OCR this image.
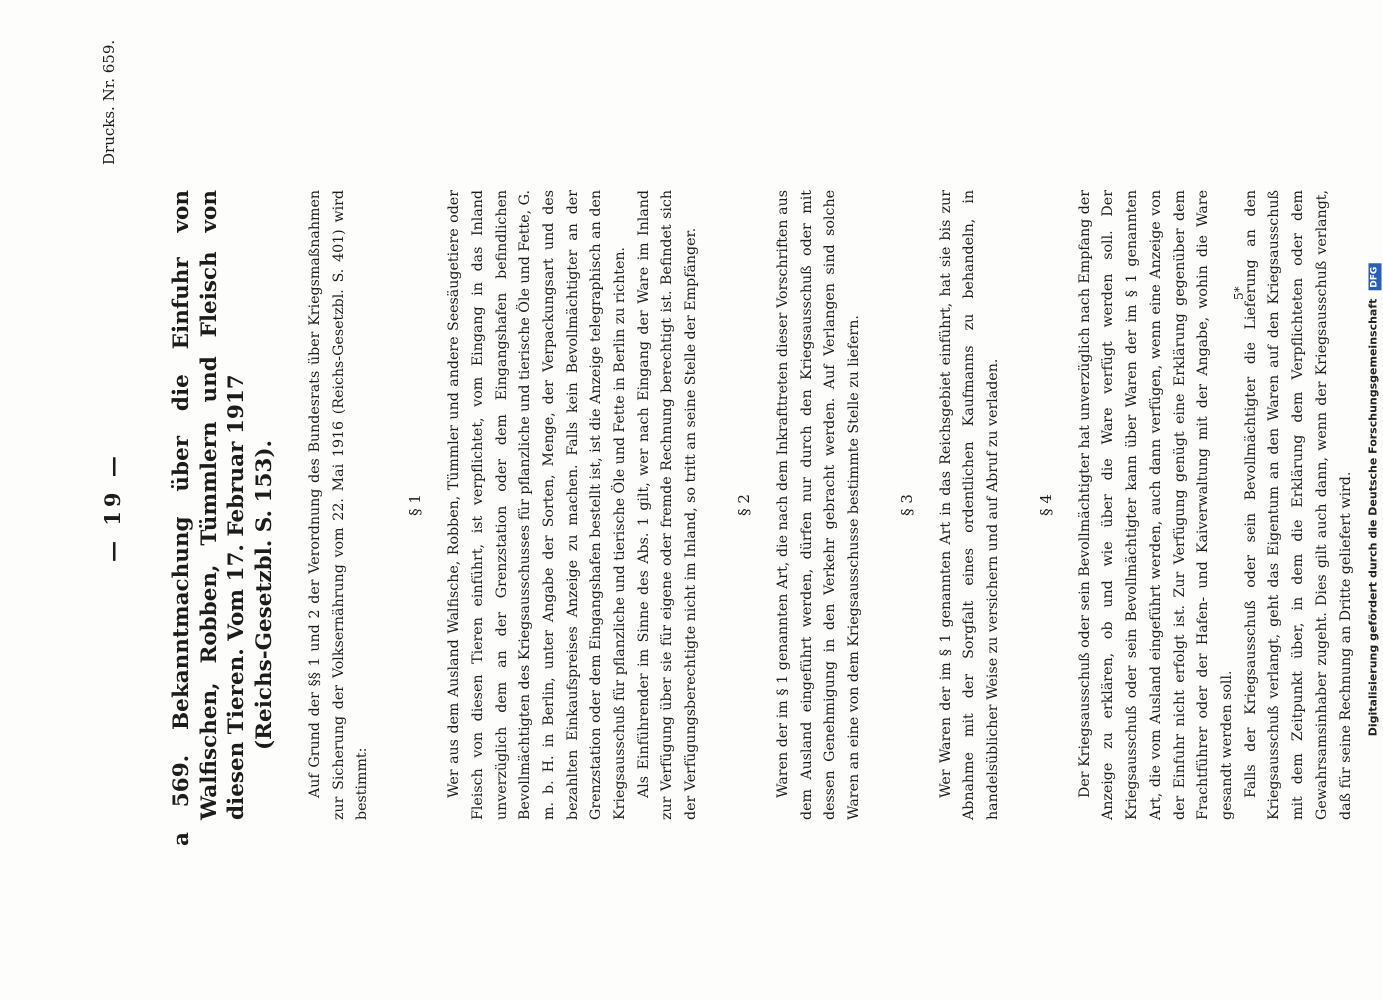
— 19 —
Drucks. Nr. 659.
a 569. Bekanntmachung über die Einfuhr von Walfischen, Robben, Tümmlern und Fleisch von diesen Tieren. Vom 17. Februar 1917 (Reichs-Gesetzbl. S. 153). Auf Grund der §§ 1 und 2 der Verordnung des Bundesrats über Kriegsmaßnahmen zur Sicherung der Volksernährung vom 22. Mai 1916 (Reichs-Gesetzbl. S. 401) wird bestimmt:

§ 1 Wer aus dem Ausland Walfische, Robben, Tümmler und andere Seesäugetiere oder Fleisch von diesen Tieren einführt, ist verpflichtet, vom Eingang in das Inland unverzüglich dem an der Grenzstation oder dem Eingangshafen befindlichen Bevollmächtigten des Kriegsausschusses für pflanzliche und tierische Öle und Fette, G. m. b. H. in Berlin, unter Angabe der Sorten, Menge, der Verpackungsart und des bezahlten Einkaufspreises Anzeige zu machen. Falls kein Bevollmächtigter an der Grenzstation oder dem Eingangshafen bestellt ist, ist die Anzeige telegraphisch an den Kriegsausschuß für pflanzliche und tierische Öle und Fette in Berlin zu richten. Als Einführender im Sinne des Abs. 1 gilt, wer nach Eingang der Ware im Inland zur Verfügung über sie für eigene oder fremde Rechnung berechtigt ist. Befindet sich der Verfügungsberechtigte nicht im Inland, so tritt an seine Stelle der Empfänger.	§ 2 Waren der im § 1 genannten Art, die nach dem Inkrafttreten dieser Vorschriften aus dem Ausland eingeführt werden, dürfen nur durch den Kriegsausschuß oder mit dessen Genehmigung in den Verkehr gebracht werden. Auf Verlangen sind solche Waren an eine von dem Kriegsausschusse bestimmte Stelle zu liefern.	§ 3 Wer Waren der im § 1 genannten Art in das Reichsgebiet einführt, hat sie bis zur Abnahme mit der Sorgfalt eines ordentlichen Kaufmanns zu behandeln, in handelsüblicher Weise zu versichern und auf Abruf zu verladen.	§ 4 Der Kriegsausschuß oder sein Bevollmächtigter hat unverzüglich nach Empfang der Anzeige zu erklären, ob und wie über die Ware verfügt werden soll. Der Kriegsausschuß oder sein Bevollmächtigter kann über Waren der im § 1 genannten Art, die vom Ausland eingeführt werden, auch dann verfügen, wenn eine Anzeige von der Einfuhr nicht erfolgt ist. Zur Verfügung genügt eine Erklärung gegenüber dem Frachtführer oder der Hafen- und Kaiverwaltung mit der Angabe, wohin die Ware gesandt werden soll. Falls der Kriegsausschuß oder sein Bevollmächtigter die Lieferung an den Kriegsausschuß verlangt, geht das Eigentum an den Waren auf den Kriegsausschuß mit dem Zeitpunkt über, in dem die Erklärung dem Verpflichteten oder dem Gewahrsamsinhaber zugeht. Dies gilt auch dann, wenn der Kriegsausschuß verlangt, daß für seine Rechnung an Dritte geliefert wird.

5*
Digitalisierung gefördert durch die Deutsche Forschungsgemeinschaft DFG
